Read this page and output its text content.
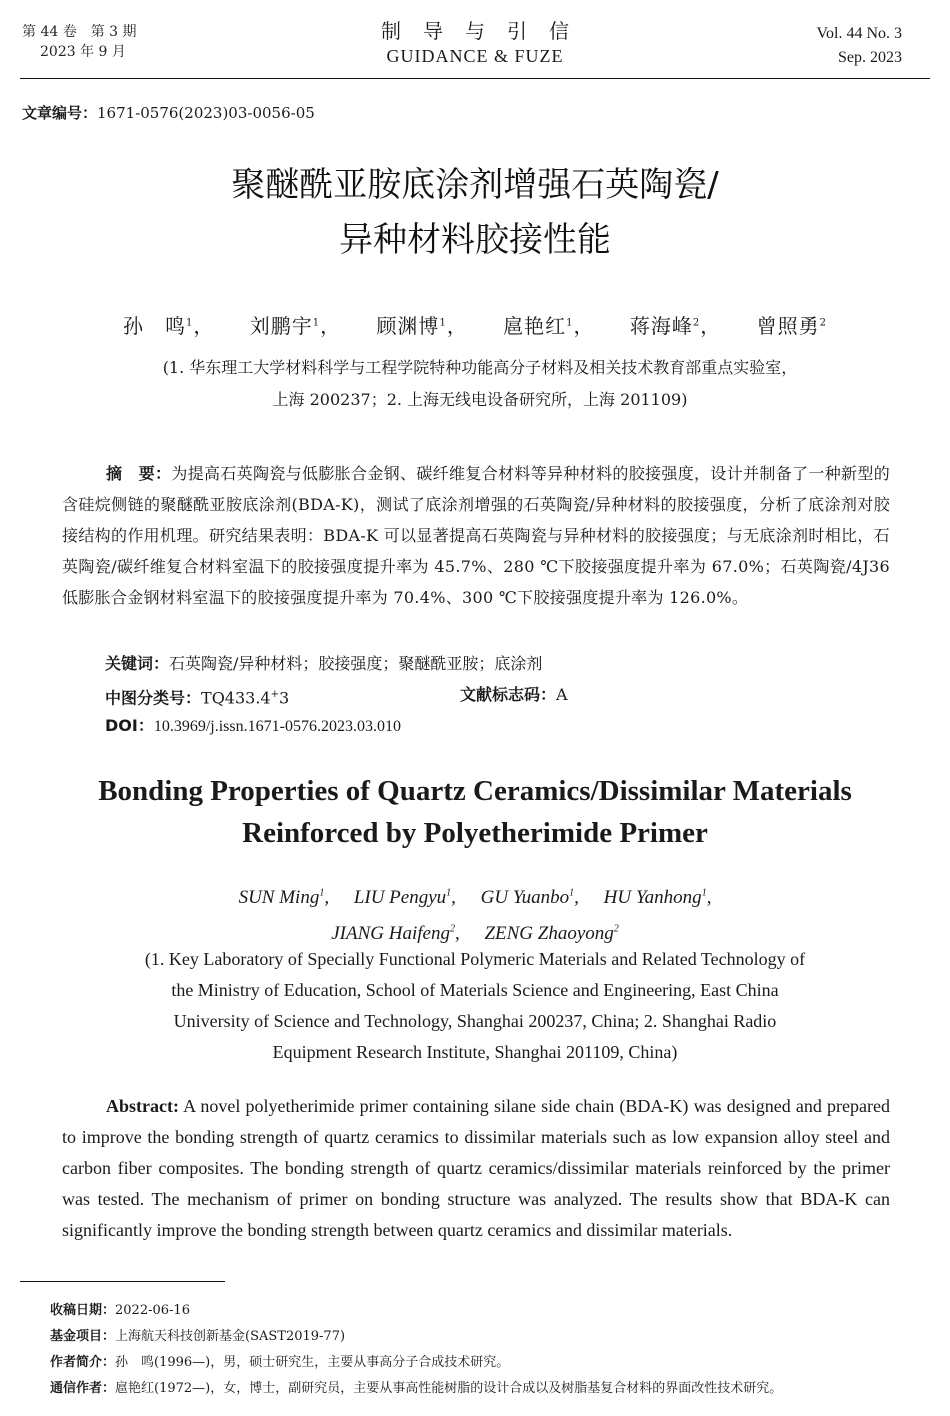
第 44 卷　第 3 期
2023 年 9 月
制导与引信
GUIDANCE & FUZE
Vol. 44 No. 3
Sep. 2023
文章编号：1671-0576(2023)03-0056-05
聚醚酰亚胺底涂剂增强石英陶瓷/
异种材料胶接性能
孙　鸣$^1$， 刘鹏宇$^1$， 顾渊博$^1$， 扈艳红$^1$， 蒋海峰$^2$， 曾照勇$^2$
(1. 华东理工大学材料科学与工程学院特种功能高分子材料及相关技术教育部重点实验室，
上海 200237；2. 上海无线电设备研究所，上海 201109)
摘　要：为提高石英陶瓷与低膨胀合金钢、碳纤维复合材料等异种材料的胶接强度，设计并制备了一种新型的含硅烷侧链的聚醚酰亚胺底涂剂(BDA-K)，测试了底涂剂增强的石英陶瓷/异种材料的胶接强度，分析了底涂剂对胶接结构的作用机理。研究结果表明：BDA-K 可以显著提高石英陶瓷与异种材料的胶接强度；与无底涂剂时相比，石英陶瓷/碳纤维复合材料室温下的胶接强度提升率为 45.7%、280 ℃下胶接强度提升率为 67.0%；石英陶瓷/4J36 低膨胀合金钢材料室温下的胶接强度提升率为 70.4%、300 ℃下胶接强度提升率为 126.0%。
关键词：石英陶瓷/异种材料；胶接强度；聚醚酰亚胺；底涂剂
中图分类号：TQ433.4+3	文献标志码：A
DOI：10.3969/j.issn.1671-0576.2023.03.010
Bonding Properties of Quartz Ceramics/Dissimilar Materials
Reinforced by Polyetherimide Primer
SUN Ming$^1$, LIU Pengyu$^1$, GU Yuanbo$^1$, HU Yanhong$^1$,
JIANG Haifeng$^2$, ZENG Zhaoyong$^2$
(1. Key Laboratory of Specially Functional Polymeric Materials and Related Technology of
the Ministry of Education, School of Materials Science and Engineering, East China
University of Science and Technology, Shanghai 200237, China; 2. Shanghai Radio
Equipment Research Institute, Shanghai 201109, China)
Abstract: A novel polyetherimide primer containing silane side chain (BDA-K) was designed and prepared to improve the bonding strength of quartz ceramics to dissimilar materials such as low expansion alloy steel and carbon fiber composites. The bonding strength of quartz ceramics/dissimilar materials reinforced by the primer was tested. The mechanism of primer on bonding structure was analyzed. The results show that BDA-K can significantly improve the bonding strength between quartz ceramics and dissimilar materials.
收稿日期：2022-06-16
基金项目：上海航天科技创新基金(SAST2019-77)
作者简介：孙　鸣(1996—)，男，硕士研究生，主要从事高分子合成技术研究。
通信作者：扈艳红(1972—)，女，博士，副研究员，主要从事高性能树脂的设计合成以及树脂基复合材料的界面改性技术研究。
